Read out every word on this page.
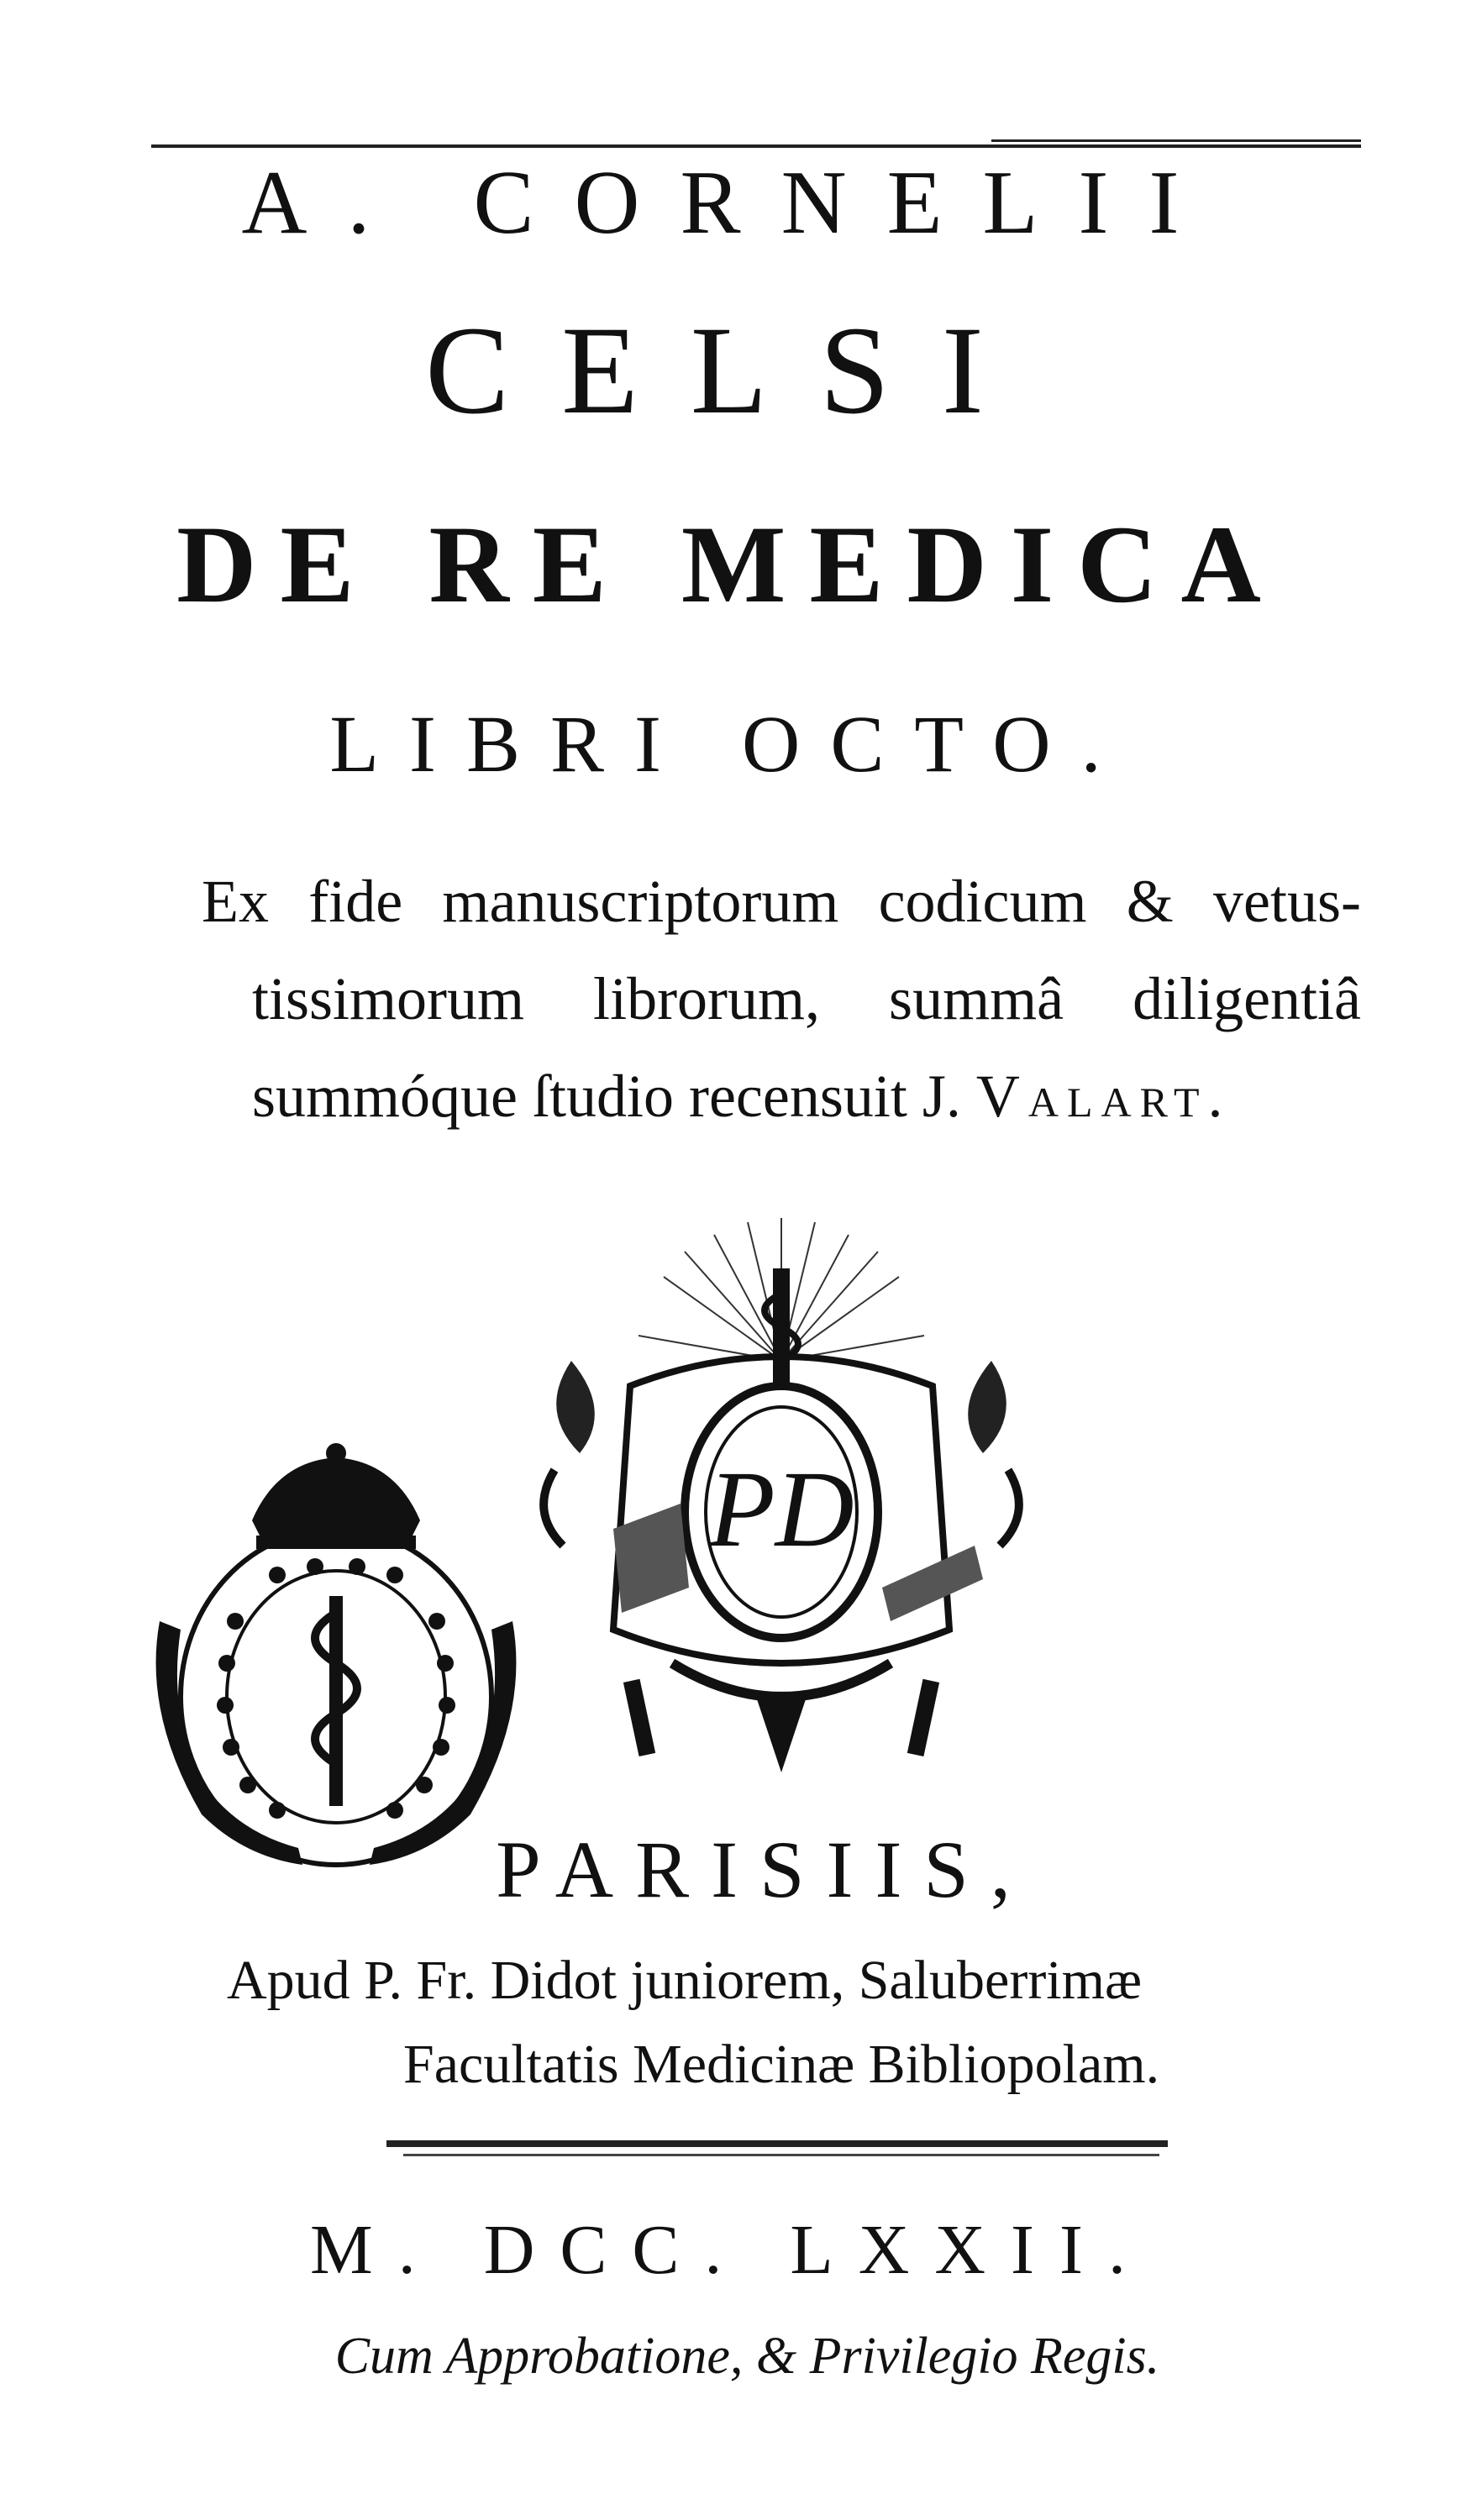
A. CORNELII
CELSI
DE RE MEDICA
LIBRI OCTO.
Ex fide manuscriptorum codicum & vetus-
tissimorum librorum, summâ diligentiâ
summóque ſtudio recensuit J. Valart.
PD
PARISIIS,
Apud P. Fr. Didot juniorem, Saluberrimæ
Facultatis Medicinæ Bibliopolam.
M. DCC. LXXII.
Cum Approbatione, & Privilegio Regis.
